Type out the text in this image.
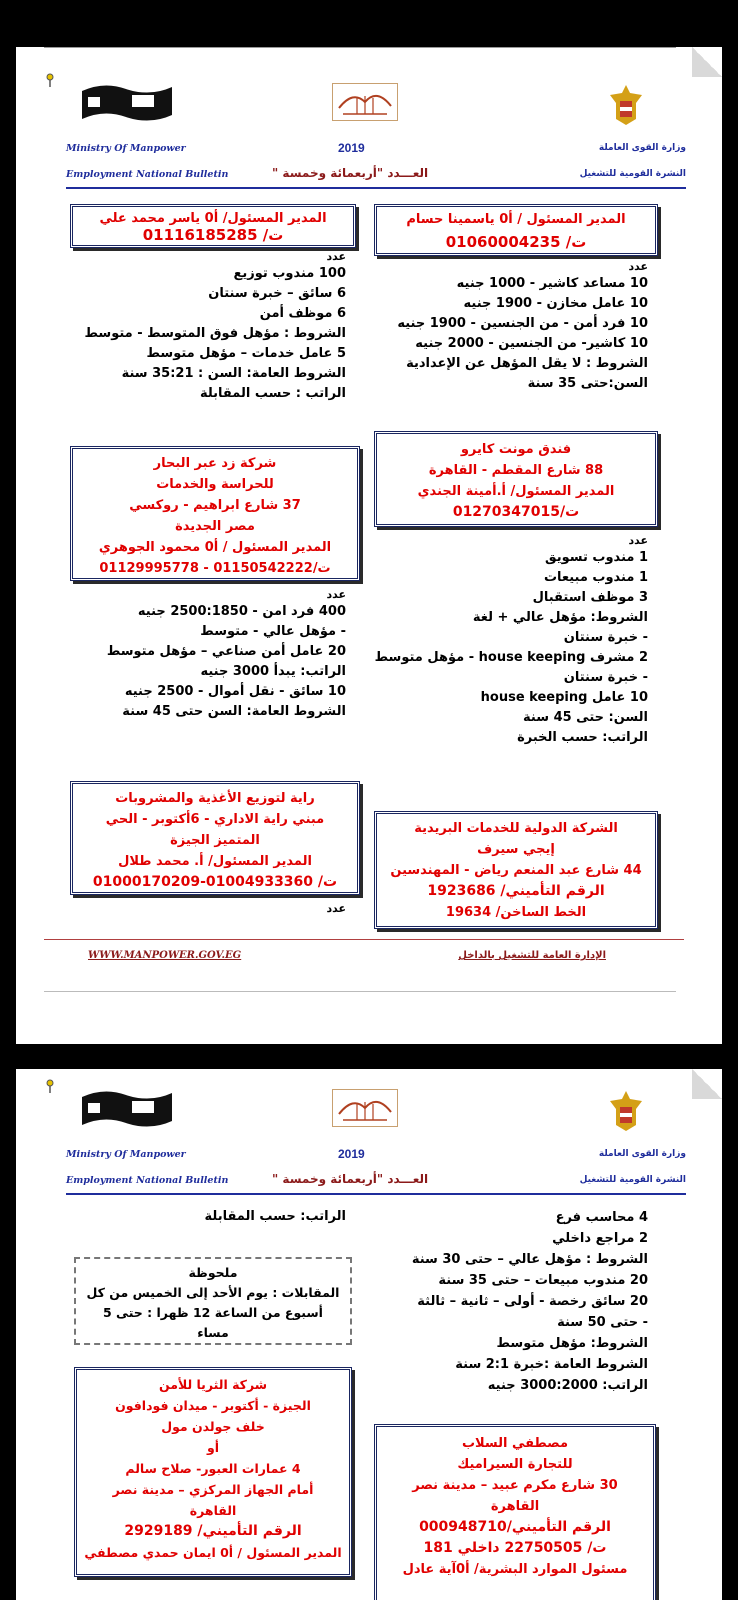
Ministry Of Manpower	2019	وزارة القوى العاملة
Employment National Bulletin	العـــدد "أربعمائة وخمسة "	النشرة القومية للتشغيل
المدير المسئول/ أ0 ياسر محمد علي
ت/ 01116185285
المدير المسئول / أ0 ياسمينا حسام
ت/ 01060004235
عدد
100 مندوب توزيع
6 سائق – خبرة سنتان
6 موظف أمن
الشروط : مؤهل فوق المتوسط - متوسط
5 عامل خدمات – مؤهل متوسط
الشروط العامة: السن : 35:21 سنة
الراتب : حسب المقابلة
عدد
10 مساعد كاشير - 1000 جنيه
10 عامل مخازن - 1900 جنيه
10 فرد أمن - من الجنسين - 1900 جنيه
10 كاشير- من الجنسين - 2000 جنيه
الشروط : لا يقل المؤهل عن الإعدادية
السن:حتى 35 سنة
شركة زد عبر البحار
للحراسة والخدمات
37 شارع ابراهيم - روكسي
مصر الجديدة
المدير المسئول / أ0 محمود الجوهري
ت/01150542222 - 01129995778
فندق مونت كايرو
88 شارع المقطم - القاهرة
المدير المسئول/ أ.أمينة الجندي
ت/01270347015
عدد
400 فرد امن - 2500:1850 جنيه
- مؤهل عالي - متوسط
20 عامل أمن صناعي – مؤهل متوسط
الراتب: يبدأ 3000 جنيه
10 سائق - نقل أموال - 2500 جنيه
الشروط العامة: السن حتى 45 سنة
عدد
1 مندوب تسويق
1 مندوب مبيعات
3 موظف استقبال
الشروط: مؤهل عالي + لغة
- خبرة سنتان
2 مشرف house keeping - مؤهل متوسط
- خبرة سنتان
10 عامل house keeping
السن: حتى 45 سنة
الراتب: حسب الخبرة
راية لتوزيع الأغذية والمشروبات
مبني راية الاداري - 6أكتوبر - الحي
المتميز الجيزة
المدير المسئول/ أ. محمد طلال
ت/ 01004933360-01000170209
عدد
الشركة الدولية للخدمات البريدية
إيجي سيرف
44 شارع عبد المنعم رياض - المهندسين
الرقم التأميني/ 1923686
الخط الساخن/ 19634
WWW.MANPOWER.GOV.EG	الإدارة العامة للتشغيل بالداخل
Ministry Of Manpower	2019	وزارة القوى العاملة
Employment National Bulletin	العـــدد "أربعمائة وخمسة "	النشرة القومية للتشغيل
الراتب: حسب المقابلة
ملحوظة
المقابلات : يوم الأحد إلى الخميس من كل
أسبوع من الساعة 12 ظهرا : حتى 5
مساء
شركة الثريا للأمن
الجيزة - أكتوبر - ميدان فودافون
خلف جولدن مول
أو
4 عمارات العبور- صلاح سالم
أمام الجهاز المركزي – مدينة نصر
القاهرة
الرقم التأميني/ 2929189
المدير المسئول / أ0 ايمان حمدي مصطفي
4 محاسب فرع
2 مراجع داخلي
الشروط : مؤهل عالي – حتى 30 سنة
20 مندوب مبيعات – حتى 35 سنة
20 سائق رخصة - أولى – ثانية – ثالثة
- حتى 50 سنة
الشروط: مؤهل متوسط
الشروط العامة :خبرة 2:1 سنة
الراتب: 3000:2000 جنيه
مصطفي السلاب
للتجارة السيراميك
30 شارع مكرم عبيد – مدينة نصر
القاهرة
الرقم التأميني/000948710
ت/ 22750505 داخلي 181
مسئول الموارد البشرية/ أ0آية عادل
